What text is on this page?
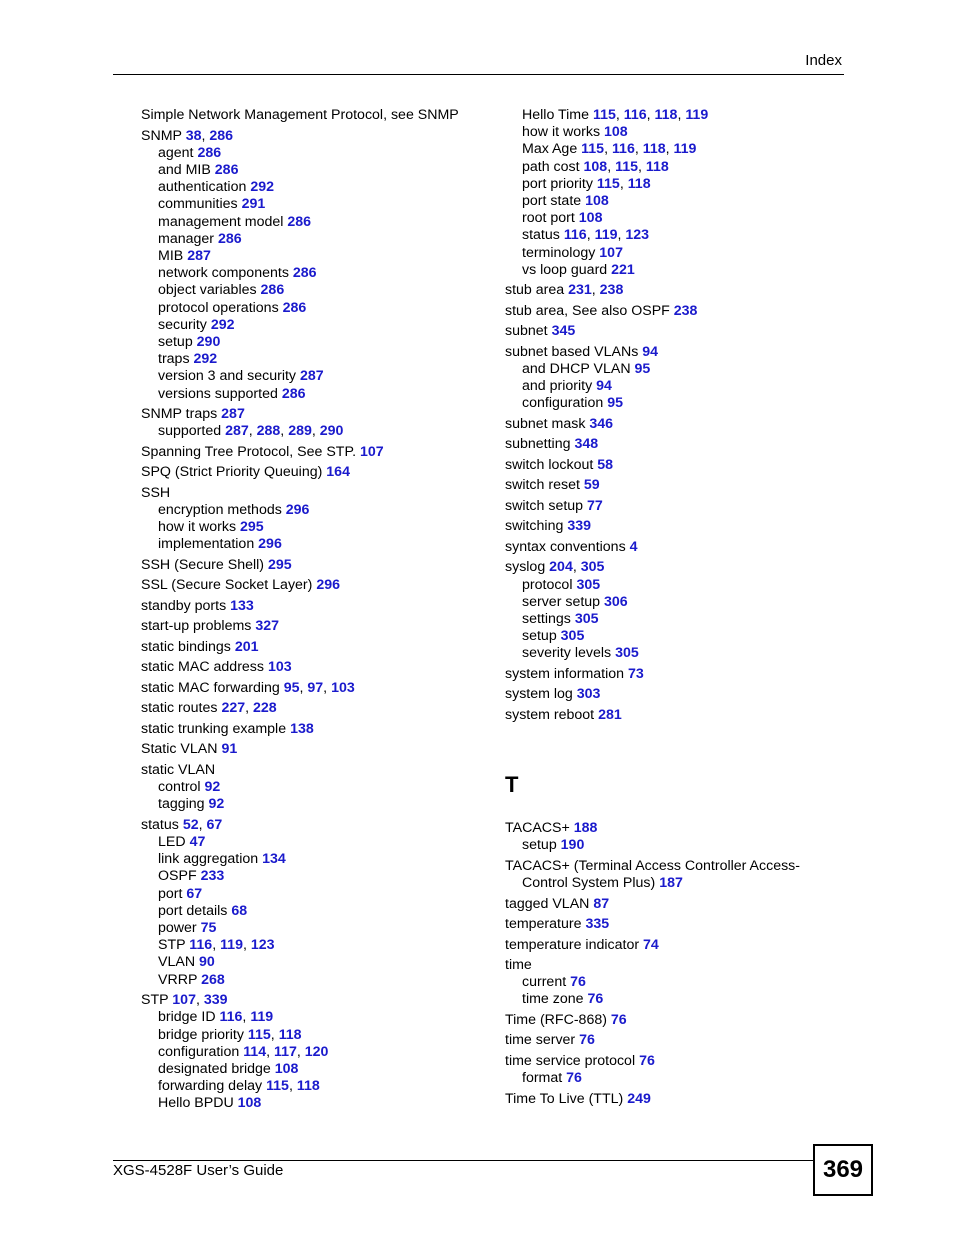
Index
Simple Network Management Protocol, see SNMP
SNMP 38, 286
agent 286
and MIB 286
authentication 292
communities 291
management model 286
manager 286
MIB 287
network components 286
object variables 286
protocol operations 286
security 292
setup 290
traps 292
version 3 and security 287
versions supported 286
SNMP traps 287
supported 287, 288, 289, 290
Spanning Tree Protocol, See STP. 107
SPQ (Strict Priority Queuing) 164
SSH
encryption methods 296
how it works 295
implementation 296
SSH (Secure Shell) 295
SSL (Secure Socket Layer) 296
standby ports 133
start-up problems 327
static bindings 201
static MAC address 103
static MAC forwarding 95, 97, 103
static routes 227, 228
static trunking example 138
Static VLAN 91
static VLAN
control 92
tagging 92
status 52, 67
LED 47
link aggregation 134
OSPF 233
port 67
port details 68
power 75
STP 116, 119, 123
VLAN 90
VRRP 268
STP 107, 339
bridge ID 116, 119
bridge priority 115, 118
configuration 114, 117, 120
designated bridge 108
forwarding delay 115, 118
Hello BPDU 108
Hello Time 115, 116, 118, 119
how it works 108
Max Age 115, 116, 118, 119
path cost 108, 115, 118
port priority 115, 118
port state 108
root port 108
status 116, 119, 123
terminology 107
vs loop guard 221
stub area 231, 238
stub area, See also OSPF 238
subnet 345
subnet based VLANs 94
and DHCP VLAN 95
and priority 94
configuration 95
subnet mask 346
subnetting 348
switch lockout 58
switch reset 59
switch setup 77
switching 339
syntax conventions 4
syslog 204, 305
protocol 305
server setup 306
settings 305
setup 305
severity levels 305
system information 73
system log 303
system reboot 281
T
TACACS+ 188
setup 190
TACACS+ (Terminal Access Controller Access-
Control System Plus) 187
tagged VLAN 87
temperature 335
temperature indicator 74
time
current 76
time zone 76
Time (RFC-868) 76
time server 76
time service protocol 76
format 76
Time To Live (TTL) 249
XGS-4528F User’s Guide	369
